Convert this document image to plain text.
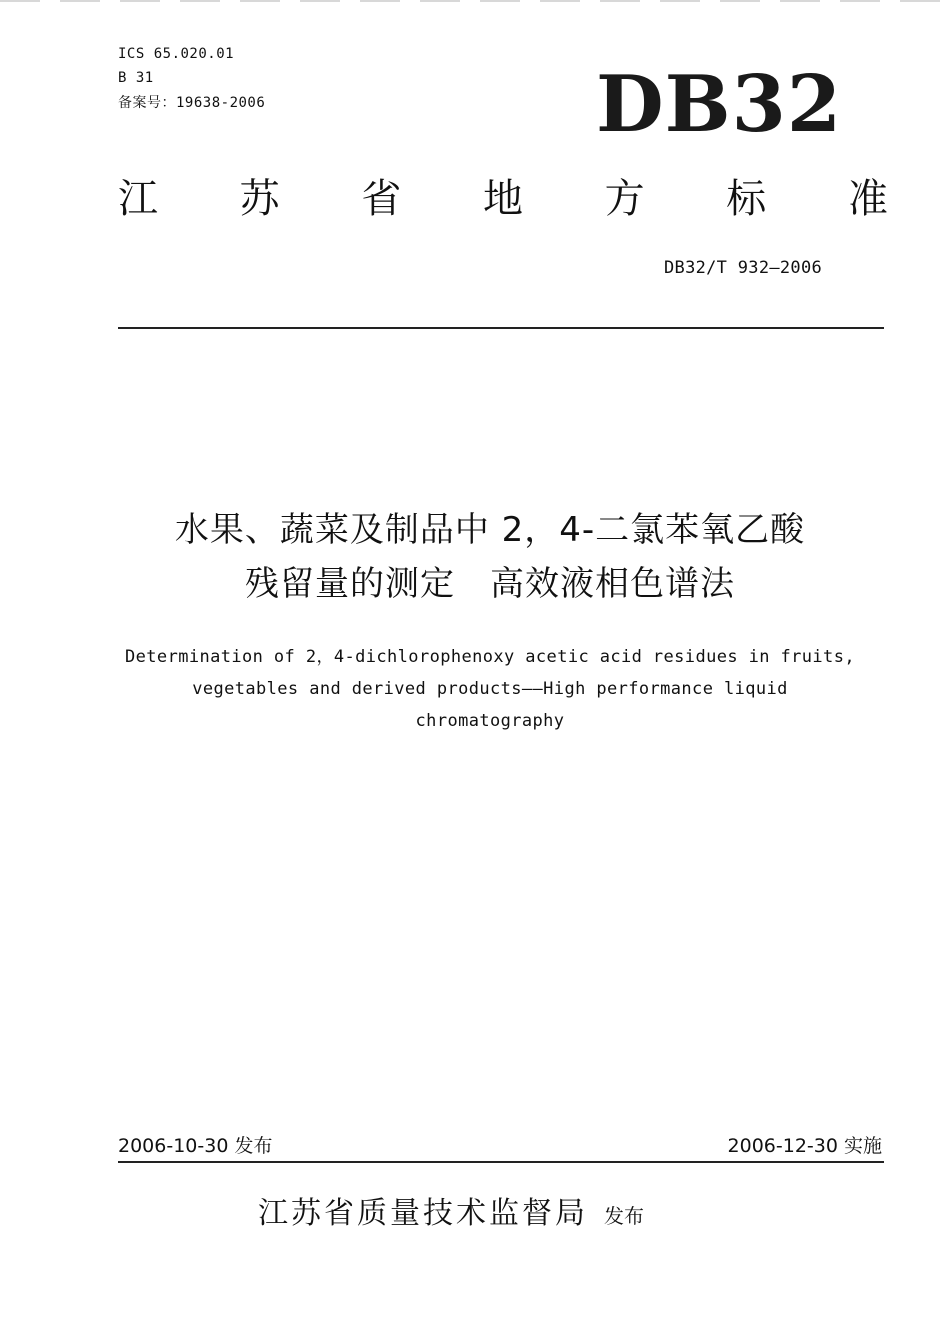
ICS 65.020.01
B 31
备案号：19638-2006	DB32
江 苏 省 地 方 标 准
DB32/T 932—2006
水果、蔬菜及制品中 2，4-二氯苯氧乙酸
残留量的测定　高效液相色谱法
Determination of 2，4-dichlorophenoxy acetic acid residues in fruits,
vegetables and derived products——High performance liquid
chromatography
2006-10-30 发布	2006-12-30 实施
江苏省质量技术监督局 发布
